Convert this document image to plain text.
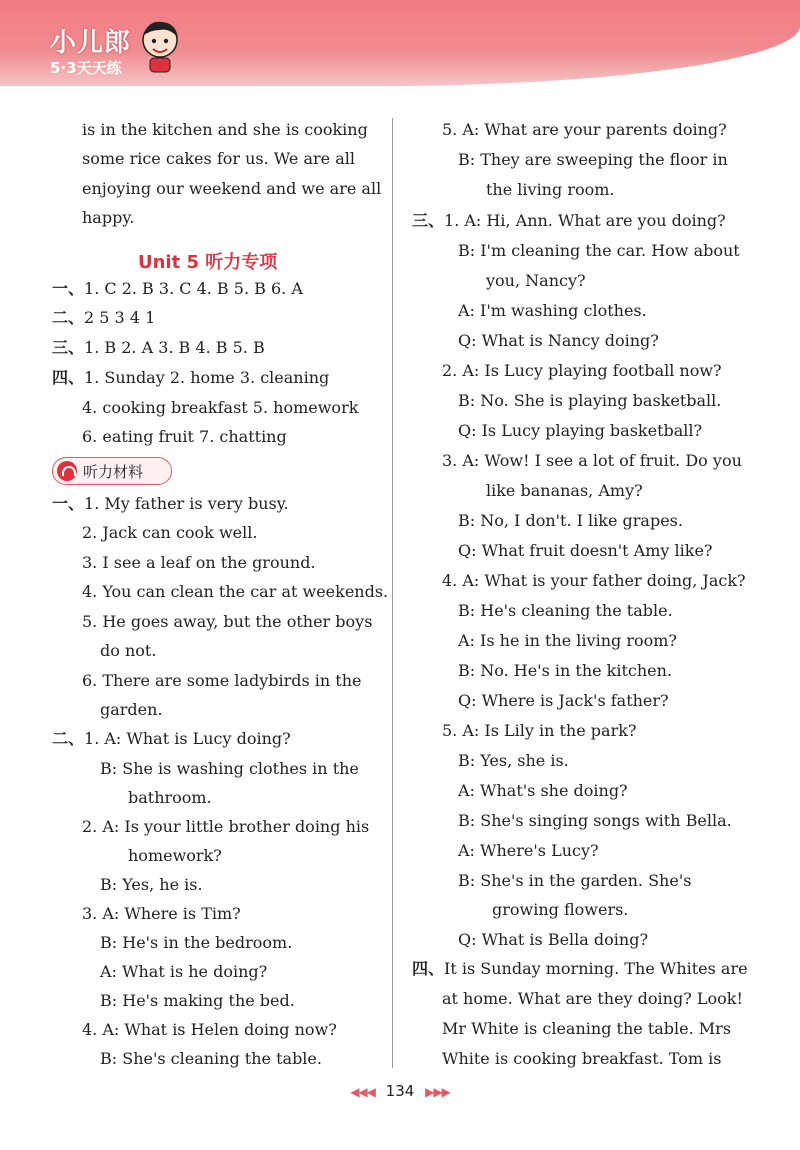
小儿郎
5·3天天练
Unit 5 听力专项
听力材料
is in the kitchen and she is cooking
some rice cakes for us. We are all
enjoying our weekend and we are all
happy.
一、1. C 2. B 3. C 4. B 5. B 6. A
二、2 5 3 4 1
三、1. B 2. A 3. B 4. B 5. B
四、1. Sunday 2. home 3. cleaning
4. cooking breakfast 5. homework
6. eating fruit 7. chatting
一、1. My father is very busy.
2. Jack can cook well.
3. I see a leaf on the ground.
4. You can clean the car at weekends.
5. He goes away, but the other boys
do not.
6. There are some ladybirds in the
garden.
二、1. A: What is Lucy doing?
B: She is washing clothes in the
bathroom.
2. A: Is your little brother doing his
homework?
B: Yes, he is.
3. A: Where is Tim?
B: He's in the bedroom.
A: What is he doing?
B: He's making the bed.
4. A: What is Helen doing now?
B: She's cleaning the table.
5. A: What are your parents doing?
B: They are sweeping the floor in
the living room.
三、1. A: Hi, Ann. What are you doing?
B: I'm cleaning the car. How about
you, Nancy?
A: I'm washing clothes.
Q: What is Nancy doing?
2. A: Is Lucy playing football now?
B: No. She is playing basketball.
Q: Is Lucy playing basketball?
3. A: Wow! I see a lot of fruit. Do you
like bananas, Amy?
B: No, I don't. I like grapes.
Q: What fruit doesn't Amy like?
4. A: What is your father doing, Jack?
B: He's cleaning the table.
A: Is he in the living room?
B: No. He's in the kitchen.
Q: Where is Jack's father?
5. A: Is Lily in the park?
B: Yes, she is.
A: What's she doing?
B: She's singing songs with Bella.
A: Where's Lucy?
B: She's in the garden. She's
growing flowers.
Q: What is Bella doing?
四、It is Sunday morning. The Whites are
at home. What are they doing? Look!
Mr White is cleaning the table. Mrs
White is cooking breakfast. Tom is
◀◀◀ 134 ▶▶▶
